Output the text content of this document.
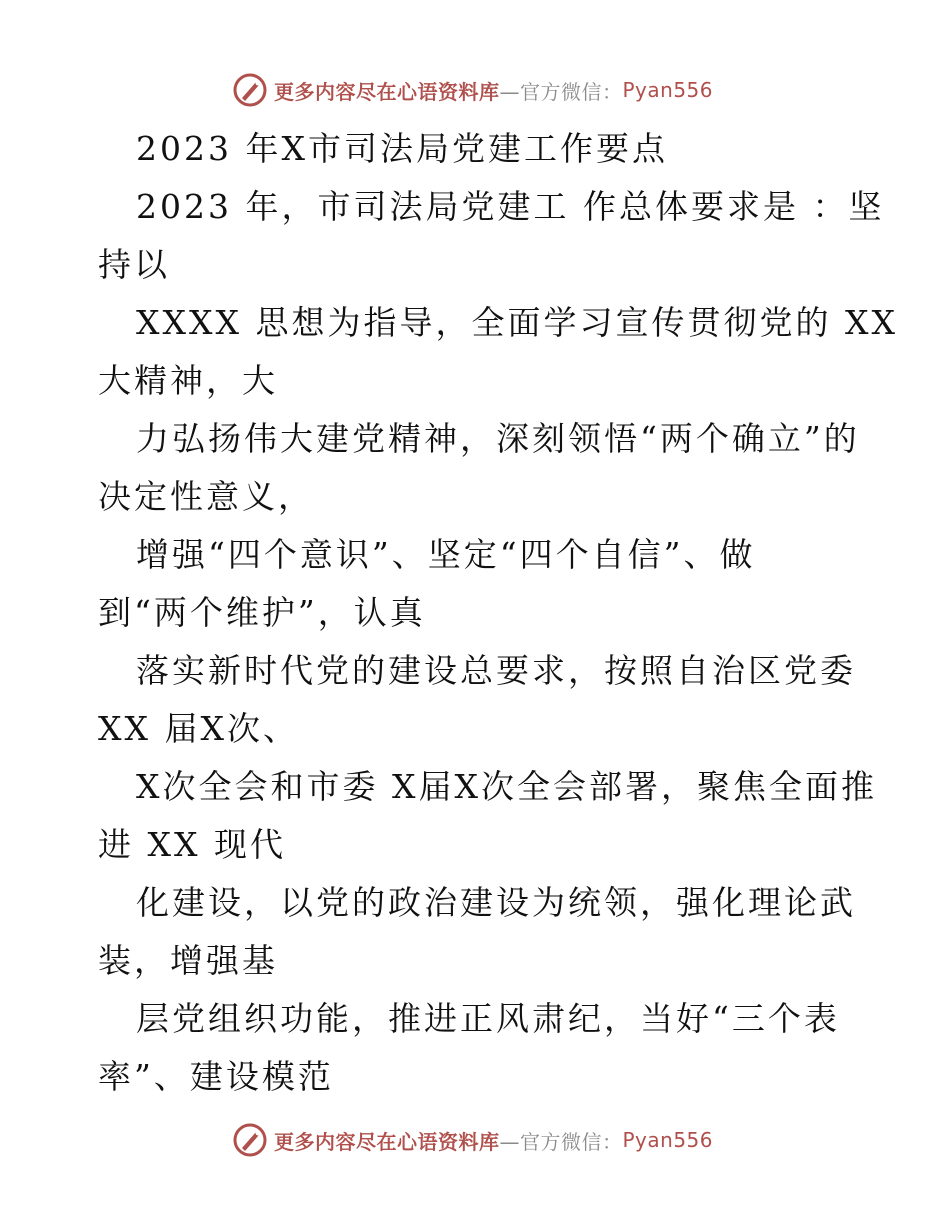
更多内容尽在心语资料库 —官方微信： Pyan556

2023 年X市司法局党建工作要点

2023 年，市司法局党建工 作总体要求是 ：坚

持以

XXXX 思想为指导，全面学习宣传贯彻党的 XX

大精神，大

力弘扬伟大建党精神，深刻领悟“两个确立”的

决定性意义，

增强“四个意识”、坚定“四个自信”、做

到“两个维护”，认真

落实新时代党的建设总要求，按照自治区党委

XX 届X次、

X次全会和市委 X届X次全会部署，聚焦全面推

进 XX 现代

化建设，以党的政治建设为统领，强化理论武

装，增强基

层党组织功能，推进正风肃纪，当好“三个表

率”、建设模范

更多内容尽在心语资料库 —官方微信： Pyan556
